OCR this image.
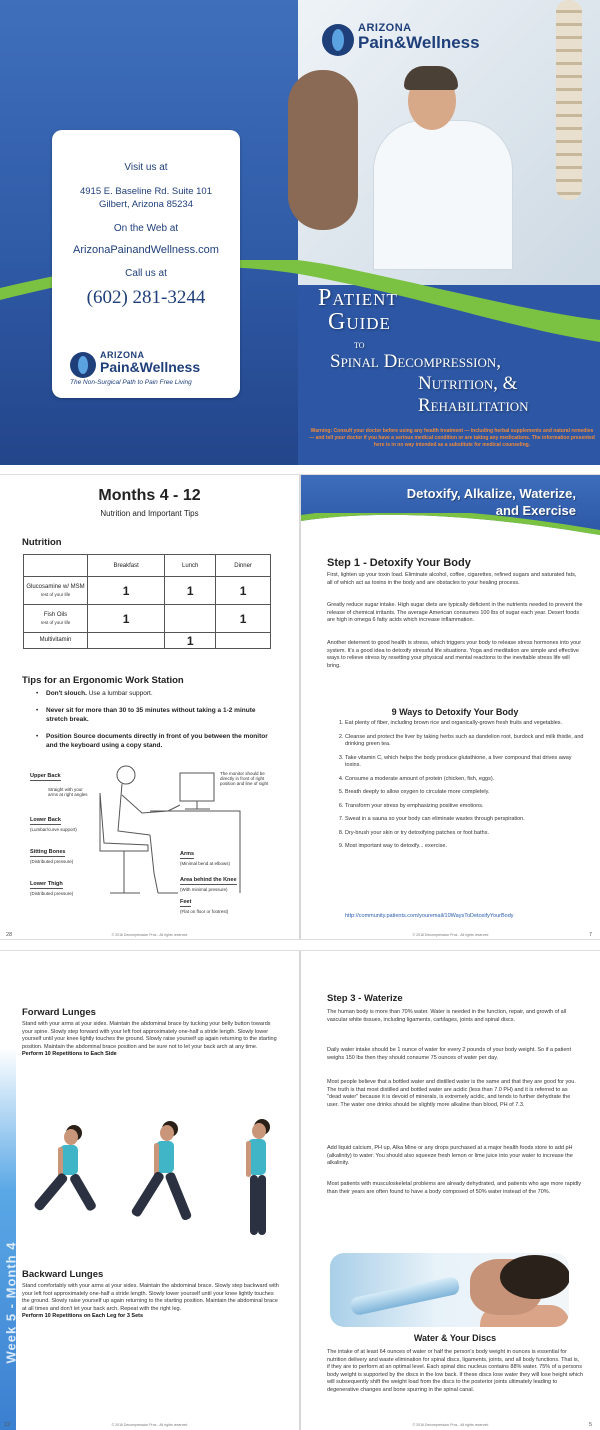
ARIZONA
Pain&Wellness
Visit us at
4915 E. Baseline Rd. Suite 101
Gilbert, Arizona 85234
On the Web at
ArizonaPainandWellness.com
Call us at
(602) 281-3244
ARIZONA
Pain&Wellness
The Non-Surgical Path to Pain Free Living
Patient
Guide
to
Spinal Decompression,
Nutrition, &
Rehabilitation
Warning: Consult your doctor before using any health treatment — including herbal supplements and natural remedies — and tell your doctor if you have a serious medical condition or are taking any medications. The information presented here is in no way intended as a substitute for medical counseling.
Months 4 - 12
Nutrition and Important Tips
Nutrition
	Breakfast	Lunch	Dinner
Glucosamine w/ MSM
rest of your life	1	1	1
Fish Oils
rest of your life	1		1
Multivitamin		1	
Tips for an Ergonomic Work Station
• Don't slouch. Use a lumbar support.
• Never sit for more than 30 to 35 minutes without taking a 1-2 minute stretch break.
• Position Source documents directly in front of you between the monitor and the keyboard using a copy stand.
Upper Back
Straight with your arms at right angles
Lower Back
(Lumbar/curve support)
Sitting Bones
(Distributed pressure)
Lower Thigh
(Distributed pressure)
The monitor should be directly in front of right position and line of sight
Arms
(Minimal bend at elbows)
Area behind the Knee
(With minimal pressure)
Feet
(Flat on floor or footrest)
© 2016 Decompression Pros - All rights reserved
28
Detoxify, Alkalize, Waterize, and Exercise
Step 1 - Detoxify Your Body
First, lighten up your toxin load. Eliminate alcohol, coffee, cigarettes, refined sugars and saturated fats, all of which act as toxins in the body and are obstacles to your healing process.
Greatly reduce sugar intake. High sugar diets are typically deficient in the nutrients needed to prevent the release of chemical irritants. The average American consumes 100 lbs of sugar each year. Desert foods are high in omega 6 fatty acids which increase inflammation.
Another deterrent to good health is stress, which triggers your body to release stress hormones into your system. It's a good idea to detoxify stressful life situations. Yoga and meditation are simple and effective ways to relieve stress by resetting your physical and mental reactions to the inevitable stress life will bring.
9 Ways to Detoxify Your Body
1. Eat plenty of fiber, including brown rice and organically-grown fresh fruits and vegetables.
2. Cleanse and protect the liver by taking herbs such as dandelion root, burdock and milk thistle, and drinking green tea.
3. Take vitamin C, which helps the body produce glutathione, a liver compound that drives away toxins.
4. Consume a moderate amount of protein (chicken, fish, eggs).
5. Breath deeply to allow oxygen to circulate more completely.
6. Transform your stress by emphasizing positive emotions.
7. Sweat in a sauna so your body can eliminate wastes through perspiration.
8. Dry-brush your skin or try detoxifying patches or foot baths.
9. Most important way to detoxify... exercise.
http://community.patients.com/youremail/10WaysToDetoxifyYourBody
© 2016 Decompression Pros - All rights reserved	7
Week 5 - Month 4
Forward Lunges
Stand with your arms at your sides. Maintain the abdominal brace by tucking your belly button towards your spine. Slowly step forward with your left foot approximately one-half a stride length. Slowly lower yourself until your knee lightly touches the ground. Slowly raise yourself up again returning to the starting position. Maintain the abdominal brace position and be sure not to let your back arch at any time.
Perform 10 Repetitions to Each Side
Backward Lunges
Stand comfortably with your arms at your sides. Maintain the abdominal brace. Slowly step backward with your left foot approximately one-half a stride length. Slowly lower yourself until your knee lightly touches the ground. Slowly raise yourself up again returning to the starting position. Maintain the abdominal brace at all times and don't let your back arch. Repeat with the right leg.
Perform 10 Repetitions on Each Leg for 3 Sets
© 2016 Decompression Pros - All rights reserved
12
Step 3 - Waterize
The human body is more than 70% water. Water is needed in the function, repair, and growth of all vascular white tissues, including ligaments, cartilages, joints and spinal discs.
Daily water intake should be 1 ounce of water for every 2 pounds of your body weight. So if a patient weighs 150 lbs then they should consume 75 ounces of water per day.
Most people believe that a bottled water and distilled water is the same and that they are good for you. The truth is that most distilled and bottled water are acidic (less than 7.0 PH) and it is referred to as "dead water" because it is devoid of minerals, is extremely acidic, and tends to further dehydrate the user. The water one drinks should be slightly more alkaline than blood, PH of 7.3.
Add liquid calcium, PH up, Alka Mine or any drops purchased at a major health foods store to add pH (alkalinity) to water. You should also squeeze fresh lemon or lime juice into your water to increase the alkalinity.
Most patients with musculoskeletal problems are already dehydrated, and patients who age more rapidly than their years are often found to have a body composed of 50% water instead of the 70%.
Water & Your Discs
The intake of at least 64 ounces of water or half the person's body weight in ounces is essential for nutrition delivery and waste elimination for spinal discs, ligaments, joints, and all body functions. That is, if they are to perform at an optimal level. Each spinal disc nucleus contains 88% water. 75% of a persons body weight is supported by the discs in the low back. If these discs lose water they will lose height which will subsequently shift the weight load from the discs to the posterior joints ultimately leading to degenerative changes and bone spurring in the spinal canal.
© 2016 Decompression Pros - All rights reserved	5
